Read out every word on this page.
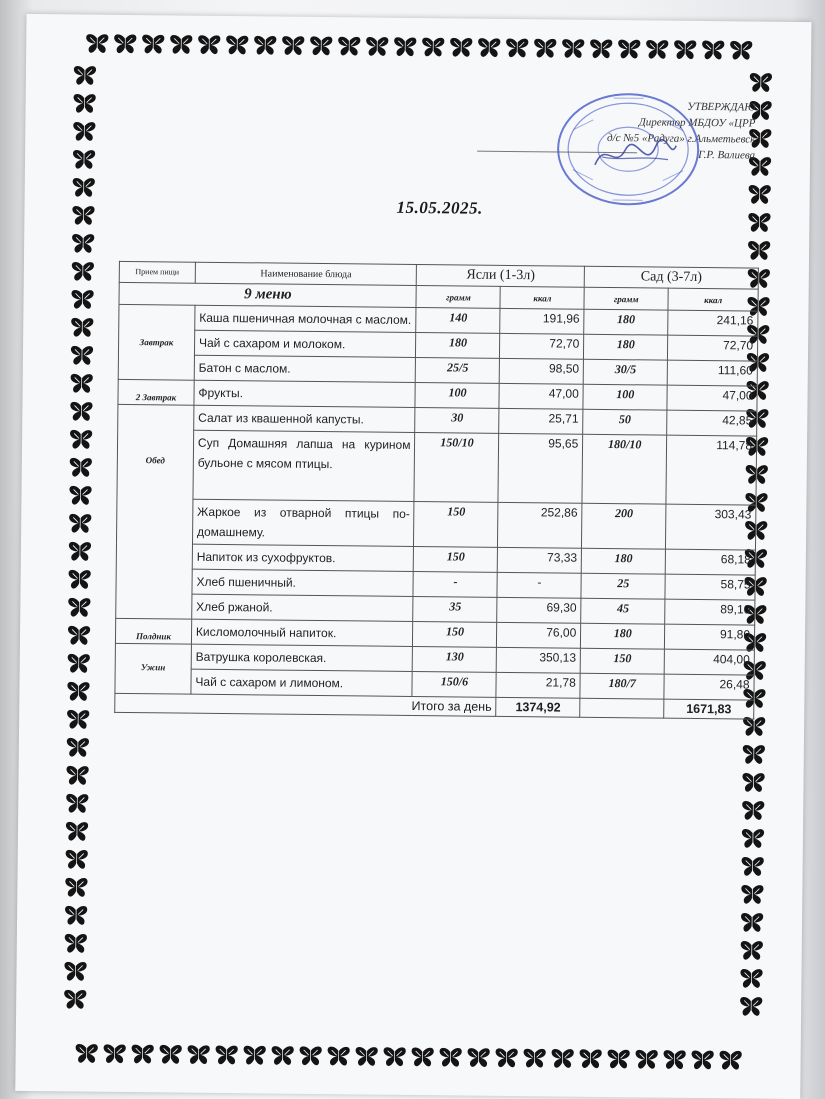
УТВЕРЖДАЮ
Директор МБДОУ «ЦРР
д/с №5 «Радуга» г.Альметьевск
Г.Р. Валиева
15.05.2025.
Прием пищи	Наименование блюда	Ясли (1-3л)		Сад (3-7л)	
9 меню		грамм	ккал	грамм	ккал
Завтрак	Каша пшеничная молочная с маслом.	140	191,96	180	241,16
	Чай с сахаром и молоком.	180	72,70	180	72,70
	Батон с маслом.	25/5	98,50	30/5	111,60
2 Завтрак	Фрукты.	100	47,00	100	47,00
Обед	Салат из квашенной капусты.	30	25,71	50	42,85
	Суп Домашняя лапша на курином бульоне с мясом птицы.	150/10	95,65	180/10	114,78
	Жаркое из отварной птицы по-домашнему.	150	252,86	200	303,43
	Напиток из сухофруктов.	150	73,33	180	68,18
	Хлеб пшеничный.	-	-	25	58,75
	Хлеб ржаной.	35	69,30	45	89,10
Полдник	Кисломолочный напиток.	150	76,00	180	91,80
Ужин	Ватрушка королевская.	130	350,13	150	404,00
	Чай с сахаром и лимоном.	150/6	21,78	180/7	26,48
Итого за день			1374,92		1671,83
